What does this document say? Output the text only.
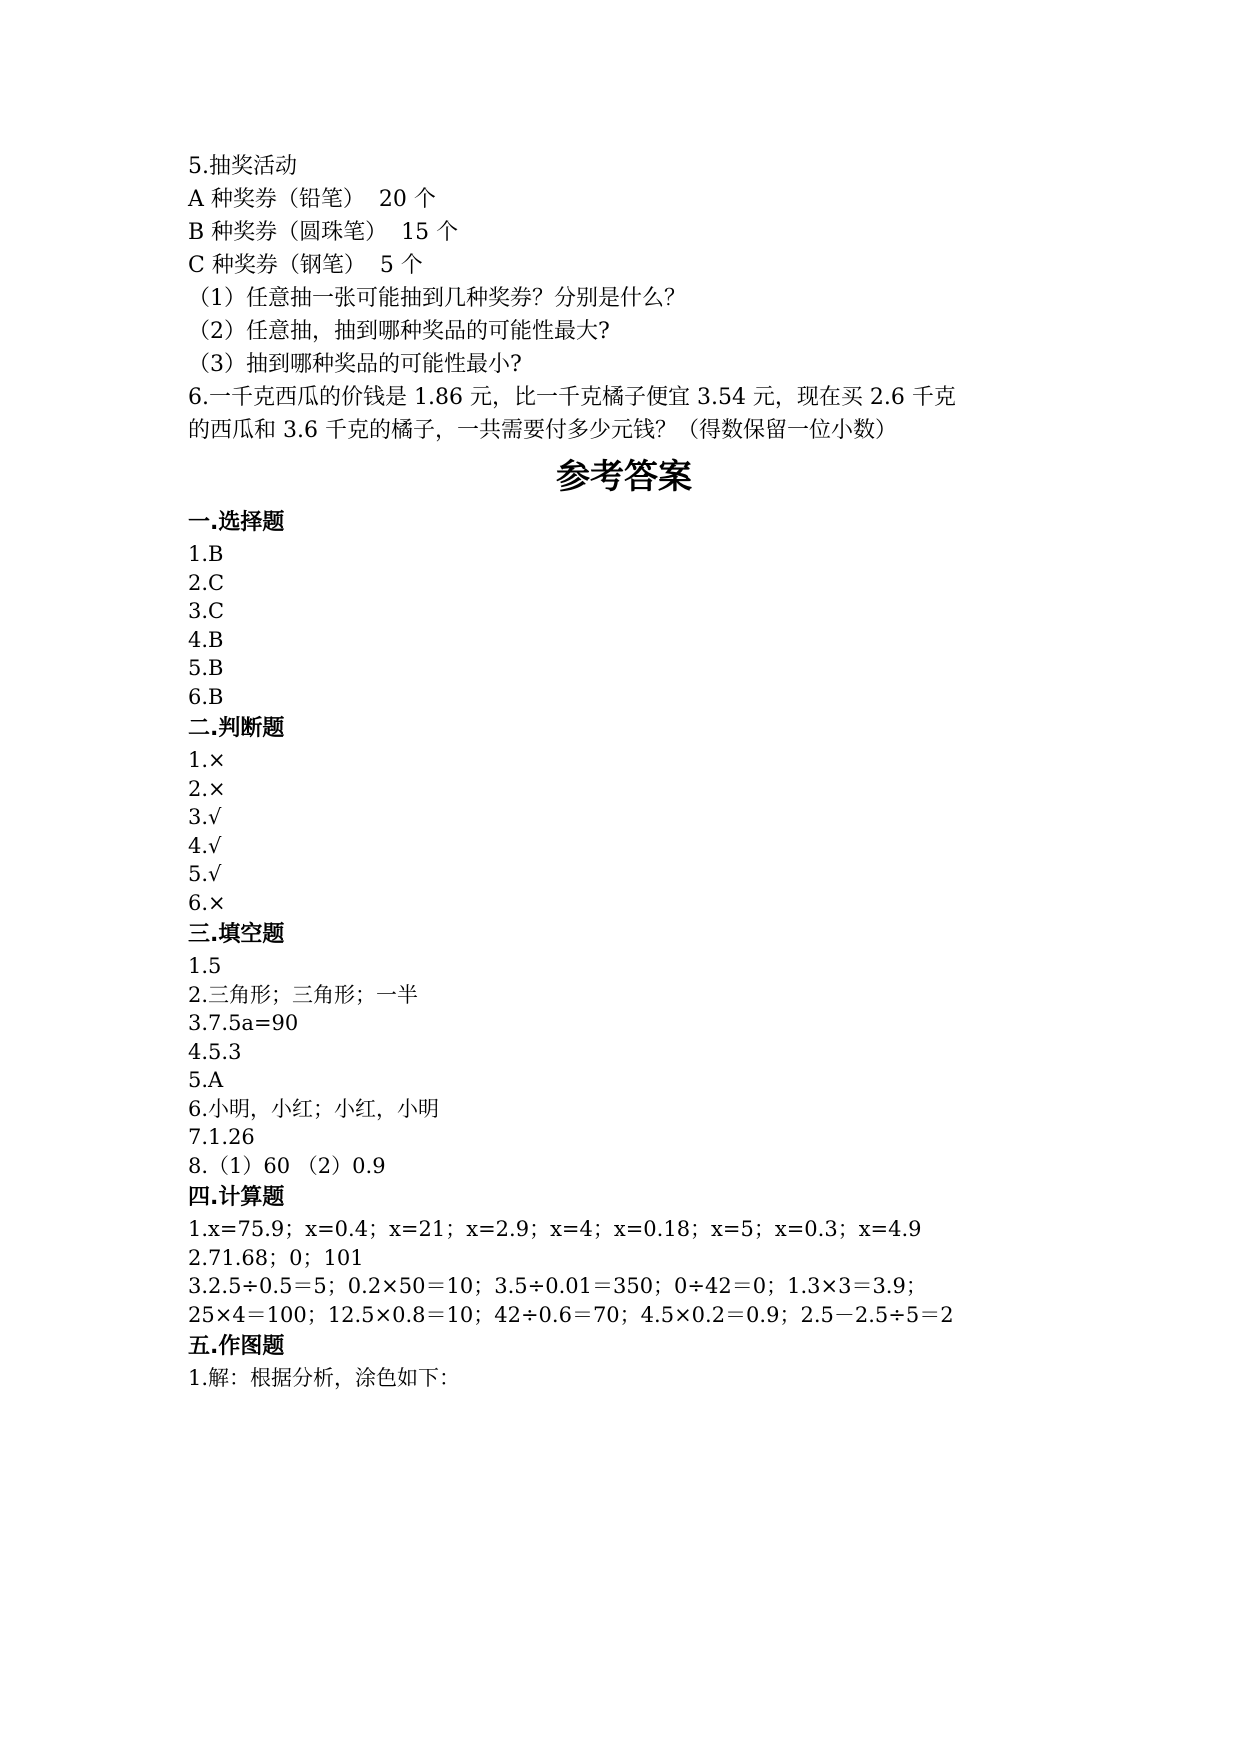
5.抽奖活动
A 种奖券（铅笔）  20 个
B 种奖券（圆珠笔）  15 个
C 种奖券（钢笔）  5 个
（1）任意抽一张可能抽到几种奖券？分别是什么？
（2）任意抽，抽到哪种奖品的可能性最大?
（3）抽到哪种奖品的可能性最小?
6.一千克西瓜的价钱是 1.86 元，比一千克橘子便宜 3.54 元，现在买 2.6 千克
的西瓜和 3.6 千克的橘子，一共需要付多少元钱？（得数保留一位小数）
参考答案
一.选择题
1.B
2.C
3.C
4.B
5.B
6.B
二.判断题
1.×
2.×
3.√
4.√
5.√
6.×
三.填空题
1.5
2.三角形；三角形；一半
3.7.5a=90
4.5.3
5.A
6.小明，小红；小红，小明
7.1.26
8.（1）60 （2）0.9
四.计算题
1.x=75.9；x=0.4；x=21；x=2.9；x=4；x=0.18；x=5；x=0.3；x=4.9
2.71.68；0；101
3.2.5÷0.5＝5；0.2×50＝10；3.5÷0.01＝350；0÷42＝0；1.3×3＝3.9；
25×4＝100；12.5×0.8＝10；42÷0.6＝70；4.5×0.2＝0.9；2.5－2.5÷5＝2
五.作图题
1.解：根据分析，涂色如下：
